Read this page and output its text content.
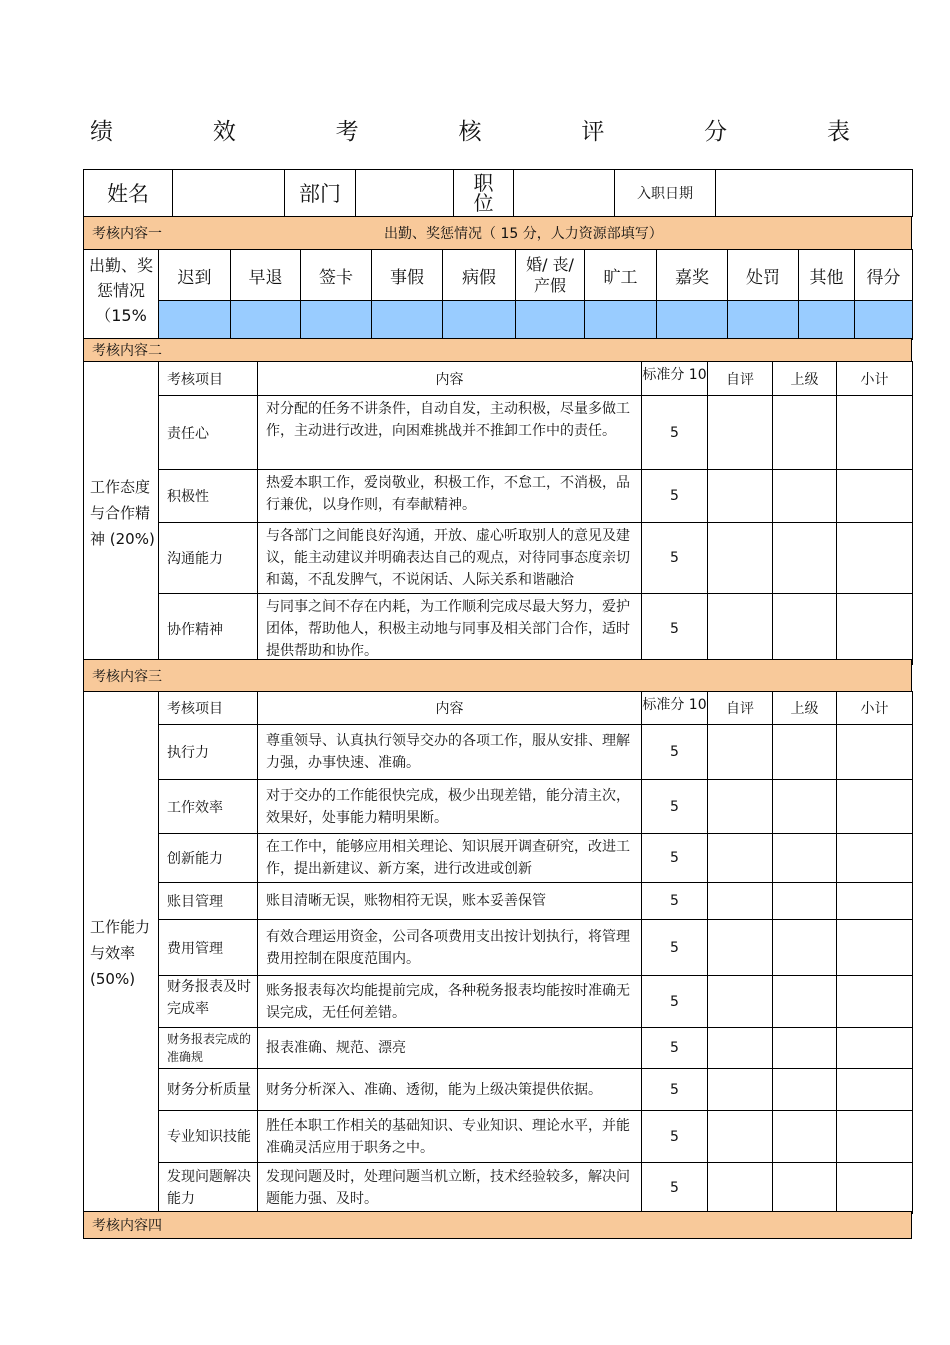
绩	效	考	核	评	分	表
姓名		部门		职位		入职日期	
考核内容一	出勤、奖惩情况（ 15 分，人力资源部填写）
出勤、奖惩情况（15%	迟到	早退	签卡	事假	病假	婚/ 丧/ 产假	旷工	嘉奖	处罚	其他	得分

考核内容二
工作态度与合作精神 (20%)	考核项目	内容	标准分 10	自评	上级	小计
	责任心	对分配的任务不讲条件，自动自发，主动积极，尽量多做工作，主动进行改进，向困难挑战并不推卸工作中的责任。	5			
	积极性	热爱本职工作，爱岗敬业，积极工作，不怠工，不消极，品行兼优，以身作则，有奉献精神。	5			
	沟通能力	与各部门之间能良好沟通，开放、虚心听取别人的意见及建议，能主动建议并明确表达自己的观点，对待同事态度亲切和蔼，不乱发脾气，不说闲话、人际关系和谐融洽	5			
	协作精神	与同事之间不存在内耗，为工作顺利完成尽最大努力，爱护团体，帮助他人，积极主动地与同事及相关部门合作，适时提供帮助和协作。	5			
考核内容三
工作能力与效率 (50%)	考核项目	内容	标准分 10	自评	上级	小计
	执行力	尊重领导、认真执行领导交办的各项工作，服从安排、理解力强，办事快速、准确。	5			
	工作效率	对于交办的工作能很快完成，极少出现差错，能分清主次，效果好，处事能力精明果断。	5			
	创新能力	在工作中，能够应用相关理论、知识展开调查研究，改进工作，提出新建议、新方案，进行改进或创新	5			
	账目管理	账目清晰无误，账物相符无误，账本妥善保管	5			
	费用管理	有效合理运用资金，公司各项费用支出按计划执行，将管理费用控制在限度范围内。	5			
	财务报表及时完成率	账务报表每次均能提前完成，各种税务报表均能按时准确无误完成，无任何差错。	5			
	财务报表完成的准确规	报表准确、规范、漂亮	5			
	财务分析质量	财务分析深入、准确、透彻，能为上级决策提供依据。	5			
	专业知识技能	胜任本职工作相关的基础知识、专业知识、理论水平，并能准确灵活应用于职务之中。	5			
	发现问题解决能力	发现问题及时，处理问题当机立断，技术经验较多，解决问题能力强、及时。	5			
考核内容四
